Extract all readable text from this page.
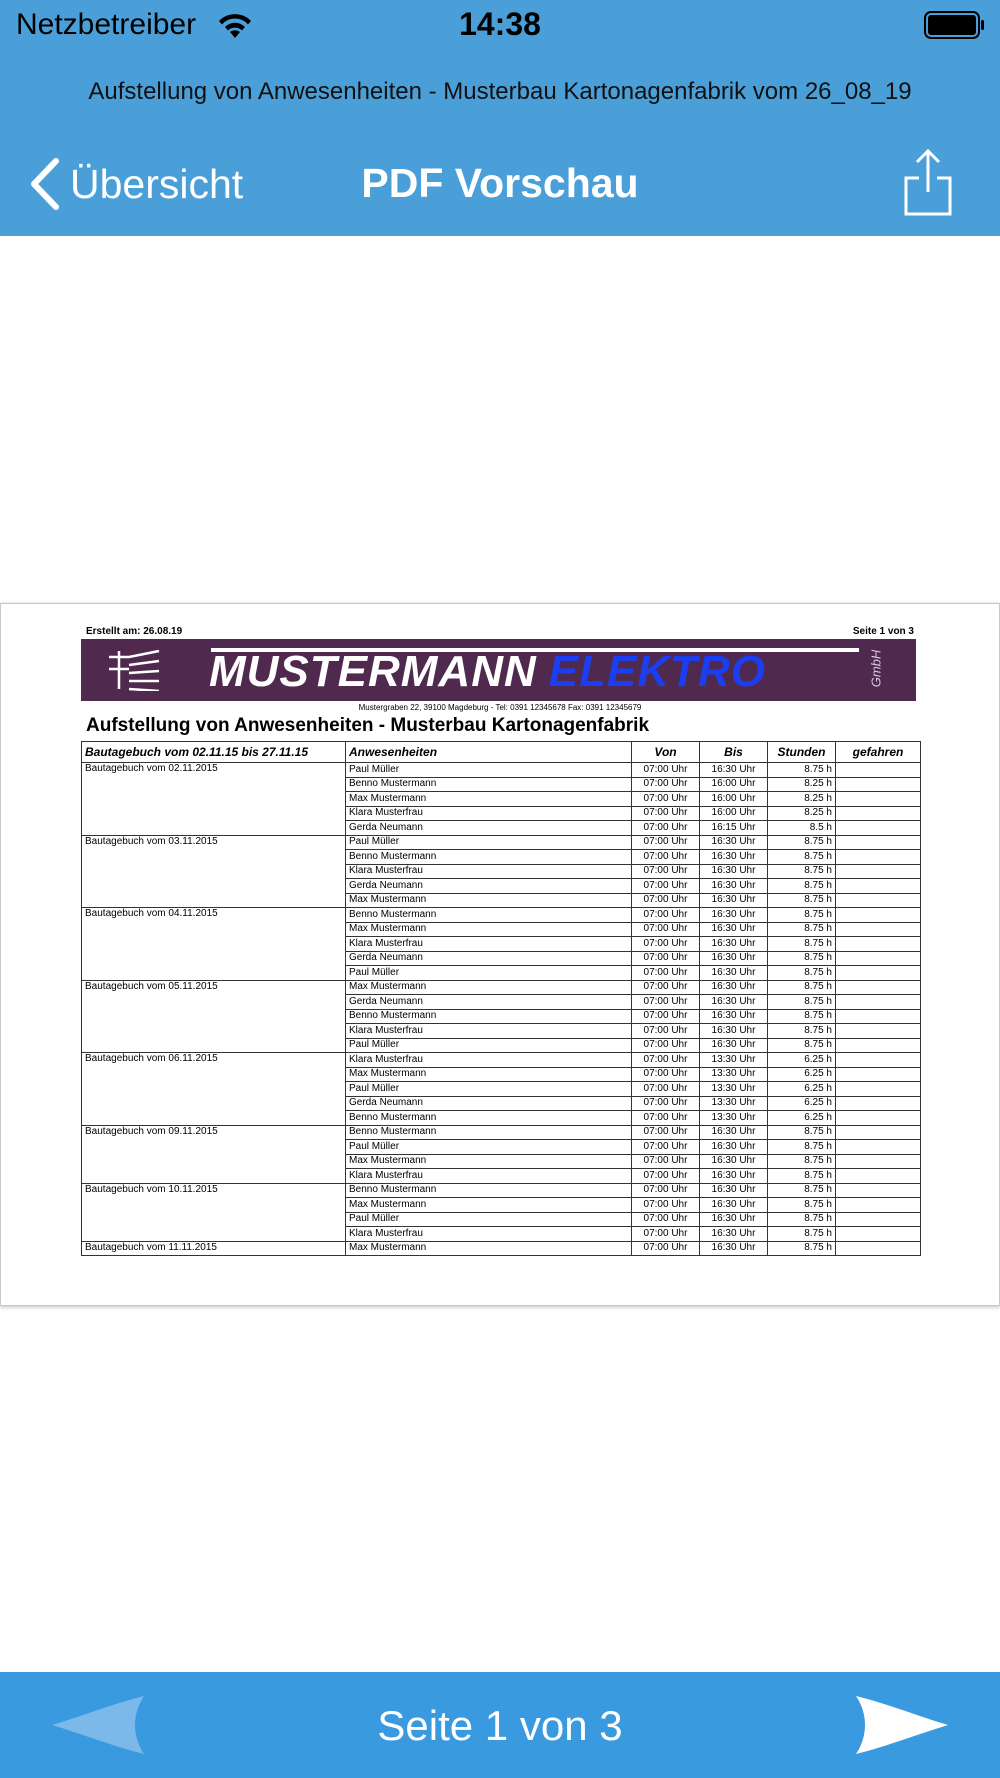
Netzbetreiber	14:38
Aufstellung von Anwesenheiten - Musterbau Kartonagenfabrik vom 26_08_19
Übersicht	PDF Vorschau
Erstellt am: 26.08.19	Seite 1 von 3
MUSTERMANN ELEKTRO	GmbH
Mustergraben 22, 39100 Magdeburg - Tel: 0391 12345678 Fax: 0391 12345679
Aufstellung von Anwesenheiten - Musterbau Kartonagenfabrik
Bautagebuch vom 02.11.15 bis 27.11.15	Anwesenheiten	Von	Bis	Stunden	gefahren
Bautagebuch vom 02.11.2015	Paul Müller	07:00 Uhr	16:30 Uhr	8.75 h	
	Benno Mustermann	07:00 Uhr	16:00 Uhr	8.25 h	
	Max Mustermann	07:00 Uhr	16:00 Uhr	8.25 h	
	Klara Musterfrau	07:00 Uhr	16:00 Uhr	8.25 h	
	Gerda Neumann	07:00 Uhr	16:15 Uhr	8.5 h	
Bautagebuch vom 03.11.2015	Paul Müller	07:00 Uhr	16:30 Uhr	8.75 h	
	Benno Mustermann	07:00 Uhr	16:30 Uhr	8.75 h	
	Klara Musterfrau	07:00 Uhr	16:30 Uhr	8.75 h	
	Gerda Neumann	07:00 Uhr	16:30 Uhr	8.75 h	
	Max Mustermann	07:00 Uhr	16:30 Uhr	8.75 h	
Bautagebuch vom 04.11.2015	Benno Mustermann	07:00 Uhr	16:30 Uhr	8.75 h	
	Max Mustermann	07:00 Uhr	16:30 Uhr	8.75 h	
	Klara Musterfrau	07:00 Uhr	16:30 Uhr	8.75 h	
	Gerda Neumann	07:00 Uhr	16:30 Uhr	8.75 h	
	Paul Müller	07:00 Uhr	16:30 Uhr	8.75 h	
Bautagebuch vom 05.11.2015	Max Mustermann	07:00 Uhr	16:30 Uhr	8.75 h	
	Gerda Neumann	07:00 Uhr	16:30 Uhr	8.75 h	
	Benno Mustermann	07:00 Uhr	16:30 Uhr	8.75 h	
	Klara Musterfrau	07:00 Uhr	16:30 Uhr	8.75 h	
	Paul Müller	07:00 Uhr	16:30 Uhr	8.75 h	
Bautagebuch vom 06.11.2015	Klara Musterfrau	07:00 Uhr	13:30 Uhr	6.25 h	
	Max Mustermann	07:00 Uhr	13:30 Uhr	6.25 h	
	Paul Müller	07:00 Uhr	13:30 Uhr	6.25 h	
	Gerda Neumann	07:00 Uhr	13:30 Uhr	6.25 h	
	Benno Mustermann	07:00 Uhr	13:30 Uhr	6.25 h	
Bautagebuch vom 09.11.2015	Benno Mustermann	07:00 Uhr	16:30 Uhr	8.75 h	
	Paul Müller	07:00 Uhr	16:30 Uhr	8.75 h	
	Max Mustermann	07:00 Uhr	16:30 Uhr	8.75 h	
	Klara Musterfrau	07:00 Uhr	16:30 Uhr	8.75 h	
Bautagebuch vom 10.11.2015	Benno Mustermann	07:00 Uhr	16:30 Uhr	8.75 h	
	Max Mustermann	07:00 Uhr	16:30 Uhr	8.75 h	
	Paul Müller	07:00 Uhr	16:30 Uhr	8.75 h	
	Klara Musterfrau	07:00 Uhr	16:30 Uhr	8.75 h	
Bautagebuch vom 11.11.2015	Max Mustermann	07:00 Uhr	16:30 Uhr	8.75 h	
Seite 1 von 3
